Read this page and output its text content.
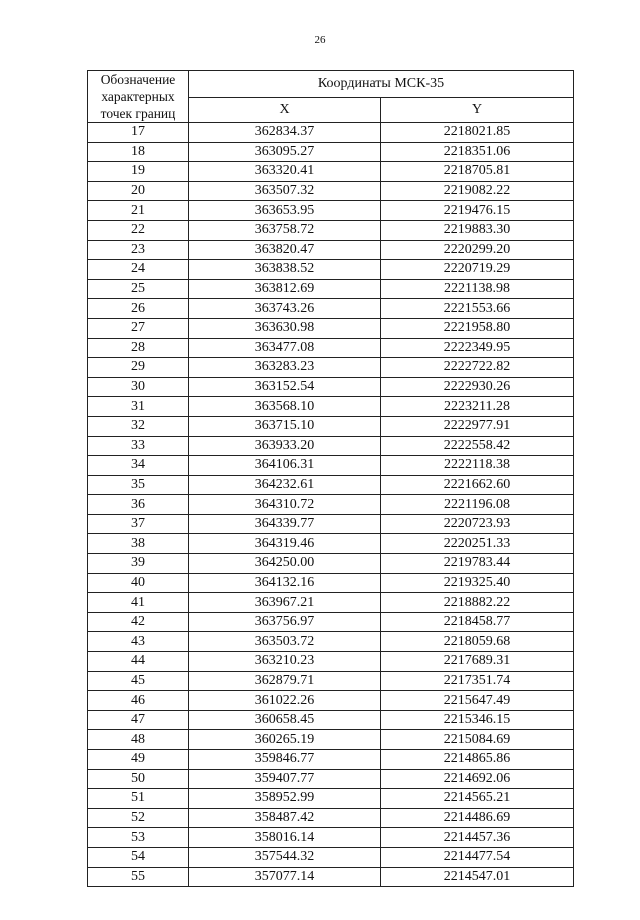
26
Обозначение характерных точек границ	Координаты МСК-35	
	X	Y
17	362834.37	2218021.85
18	363095.27	2218351.06
19	363320.41	2218705.81
20	363507.32	2219082.22
21	363653.95	2219476.15
22	363758.72	2219883.30
23	363820.47	2220299.20
24	363838.52	2220719.29
25	363812.69	2221138.98
26	363743.26	2221553.66
27	363630.98	2221958.80
28	363477.08	2222349.95
29	363283.23	2222722.82
30	363152.54	2222930.26
31	363568.10	2223211.28
32	363715.10	2222977.91
33	363933.20	2222558.42
34	364106.31	2222118.38
35	364232.61	2221662.60
36	364310.72	2221196.08
37	364339.77	2220723.93
38	364319.46	2220251.33
39	364250.00	2219783.44
40	364132.16	2219325.40
41	363967.21	2218882.22
42	363756.97	2218458.77
43	363503.72	2218059.68
44	363210.23	2217689.31
45	362879.71	2217351.74
46	361022.26	2215647.49
47	360658.45	2215346.15
48	360265.19	2215084.69
49	359846.77	2214865.86
50	359407.77	2214692.06
51	358952.99	2214565.21
52	358487.42	2214486.69
53	358016.14	2214457.36
54	357544.32	2214477.54
55	357077.14	2214547.01
